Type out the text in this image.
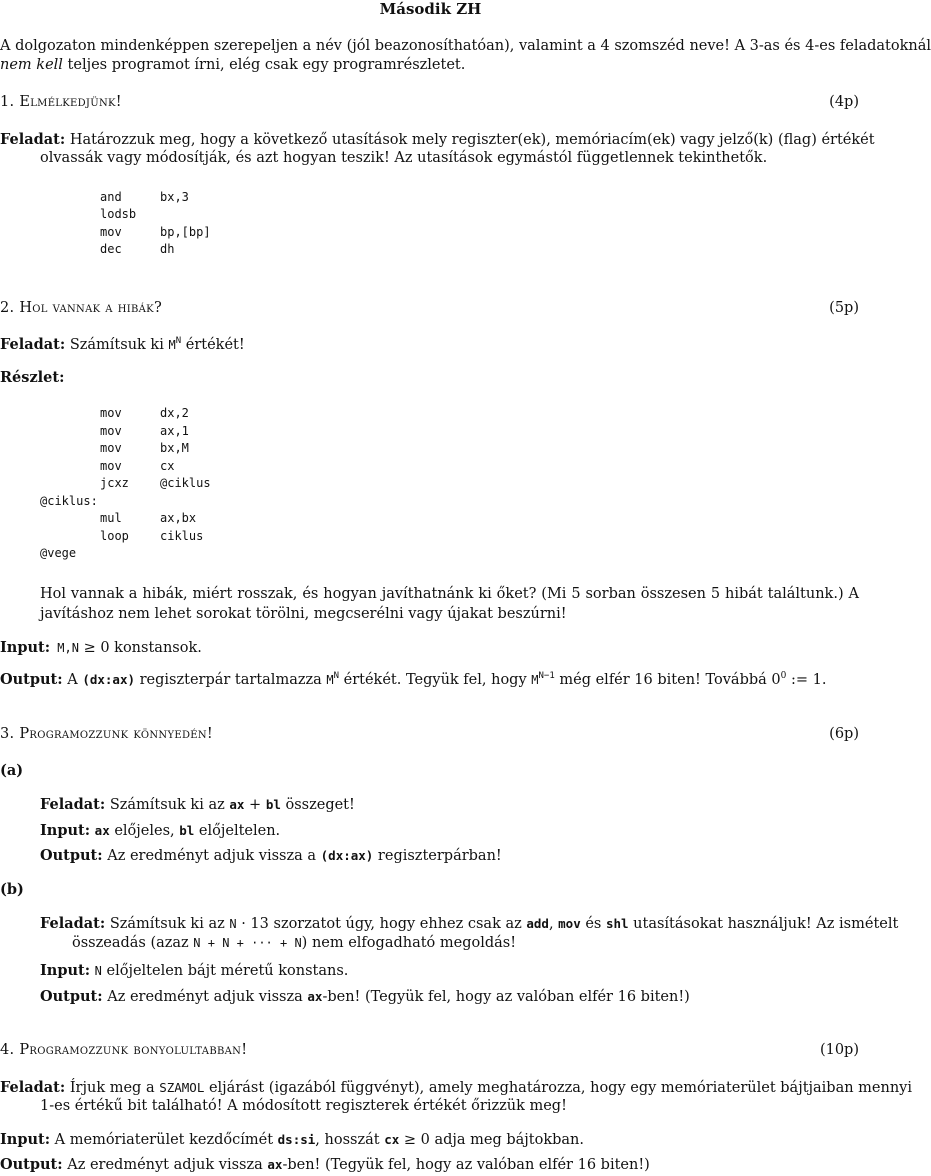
Második ZH
A dolgozaton mindenképpen szerepeljen a név (jól beazonosíthatóan), valamint a 4 szomszéd neve! A 3-as és 4-es feladatoknál
nem kell teljes programot írni, elég csak egy programrészletet.
1. Elmélkedjünk!	(4p)
Feladat: Határozzuk meg, hogy a következő utasítások mely regiszter(ek), memóriacím(ek) vagy jelző(k) (flag) értékét
olvassák vagy módosítják, és azt hogyan teszik! Az utasítások egymástól függetlennek tekinthetők.
and	bx,3
lodsb
mov	bp,[bp]
dec	dh
2. Hol vannak a hibák?	(5p)
Feladat: Számítsuk ki $M^N$ értékét!
Részlet:
mov	dx,2
mov	ax,1
mov	bx,M
mov	cx
jcxz	@ciklus
@ciklus:
mul	ax,bx
loop	ciklus
@vege
Hol vannak a hibák, miért rosszak, és hogyan javíthatnánk ki őket? (Mi 5 sorban összesen 5 hibát találtunk.) A
javításhoz nem lehet sorokat törölni, megcserélni vagy újakat beszúrni!
Input: M,N ≥ 0 konstansok.
Output: A (dx:ax) regiszterpár tartalmazza $M^N$ értékét. Tegyük fel, hogy $M^{N-1}$ még elfér 16 biten! Továbbá $0^0$ := 1.
3. Programozzunk könnyedén!	(6p)
(a)
Feladat: Számítsuk ki az ax + bl összeget!
Input: ax előjeles, bl előjeltelen.
Output: Az eredményt adjuk vissza a (dx:ax) regiszterpárban!
(b)
Feladat: Számítsuk ki az N · 13 szorzatot úgy, hogy ehhez csak az add, mov és shl utasításokat használjuk! Az ismételt
összeadás (azaz N + N + ··· + N) nem elfogadható megoldás!
Input: N előjeltelen bájt méretű konstans.
Output: Az eredményt adjuk vissza ax-ben! (Tegyük fel, hogy az valóban elfér 16 biten!)
4. Programozzunk bonyolultabban!	(10p)
Feladat: Írjuk meg a SZAMOL eljárást (igazából függvényt), amely meghatározza, hogy egy memóriaterület bájtjaiban mennyi
1-es értékű bit található! A módosított regiszterek értékét őrizzük meg!
Input: A memóriaterület kezdőcímét ds:si, hosszát cx ≥ 0 adja meg bájtokban.
Output: Az eredményt adjuk vissza ax-ben! (Tegyük fel, hogy az valóban elfér 16 biten!)
